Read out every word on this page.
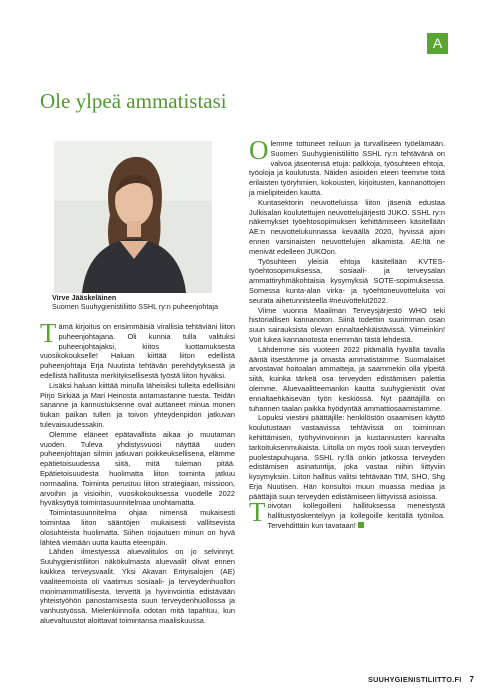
A
Ole ylpeä ammatistasi
Virve Jääskeläinen
Suomen Suuhygienistiliitto SSHL ry:n puheenjohtaja

Tämä kirjoitus on ensimmäisiä virallisia tehtäviäni liiton puheenjohtajana. Oli kunnia tulla valituksi puheenjohtajaksi, kiitos luottamuksesta vuosikokoukselle! Haluan kiittää liiton edellistä puheenjohtaja Erja Nuutista tehtävän perehdytyksestä ja edellistä hallitusta merkityksellisestä työstä liiton hyväksi.

Lisäksi haluan kiittää minulla läheisiksi tulleita edellisiäni Pirjo Sirkiää ja Mari Heinosta antamastanne tuesta. Teidän sananne ja kannustuksenne ovat auttaneet minua monen tiukan paikan tullen ja toivon yhteydenpidon jatkuvan tulevaisuudessakin.

Olemme eläneet epätavallista aikaa jo muutaman vuoden. Tuleva yhdistysvuosi näyttää uuden puheenjohtajan silmin jatkuvan poikkeuksellisena, elämme epätietoisuudessa siitä, mitä tuleman pitää. Epätietoisuudesta huolimatta liiton toiminta jatkuu normaalina. Toiminta perustuu liiton strategiaan, missioon, arvoihin ja visioihin, vuosikokouksessa vuodelle 2022 hyväksyttyä toimintasuunnitelmaa unohtamatta.

Toimintasuunnitelma ohjaa nimensä mukaisesti toimintaa liiton sääntöjen mukaisesti vallitsevista olosuhteista huolimatta. Siihen nojautuen minun on hyvä lähteä viemään uutta kautta eteenpäin.

Lähden ilmestyessä aluevalitulos on jo selvinnyt. Suuhygienistiliiton näkökulmasta aluevaalit olivat ennen kaikkea terveysvaalit. Yksi Akavan Erityisalojen (AE) vaaliteemoista oli vaatimus sosiaali- ja terveydenhuollon monimammatillisesta, tervettä ja hyvinvointia edistävään yhteistyöhön panostamisesta suun terveydenhuollossa ja vanhustyössä. Mielenkiinnolla odotan mitä tapahtuu, kun aluevaltuustot aloittavat toimintansa maaliskuussa.

Olemme tottuneet reiluun ja turvalliseen työelämään. Suomen Suuhygienistiliitto SSHL ry:n tehtävänä on valvoa jäsentensä etuja: palkkoja, työsuhteen ehtoja, työoloja ja koulutusta. Näiden asioiden eteen teemme töitä erilaisten työryhmien, kokousten, kirjoitusten, kannanottojen ja mielipiteiden kautta.

Kuntasektorin neuvotteluissa liiton jäseniä edustaa Julkisalan koulutettujen neuvottelujärjestö JUKO. SSHL ry:n näkemykset työehtosopimuksen kehittämiseen käsitellään AE:n neuvottelukunnassa keväällä 2020, hyvissä ajoin ennen varsinaisten neuvottelujen alkamista. AE:ltä ne menivät edelleen JUKOon.

Työsuhteen yleisiä ehtoja käsitellään KVTES-työehtosopimuksessa, sosiaali- ja terveysalan ammattiryhmäkohtaisia kysymyksiä SOTE-sopimuksessa. Somessa kunta-alan virka- ja työehtoneuvotteluita voi seurata aihetunnisteella #neuvottelut2022.

Viime vuonna Maailman Terveysjärjestö WHO teki historiallisen kannanoton. Siinä todettiin suurimman osan suun sairauksista olevan ennaltaehkäistävissä. Viimeinkin! Voit lukea kannanotosta enemmän tästä lehdestä.

Lähdemme siis vuoteen 2022 pitämällä hyvällä tavalla ääntä itsestämme ja omasta ammatistamme. Suomalaiset arvostavat hoitoalan ammatteja, ja saammekin olla ylpeitä siitä, kuinka tärkeä osa terveyden edistämisen palettia olemme. Aluevaalitteemankin kautta suuhygienistit ovat ennaltaehkäisevän työn keskiössä. Nyt päättäjillä on tuhannen taalan paikka hyödyntää ammattiosaamistamme.

Lopuksi viestini päättäjille: henkilöstön osaamisen käyttö koulutustaan vastaavissa tehtävissä on toiminnan kehittämisen, työhyvinvoinnin ja kustannusten kannalta tarkoituksenmukaista. Liitolla on myös rooli suun terveyden puolestapuhujana. SSHL ry:llä onkin jatkossa terveyden edistämisen asinatuntija, joka vastaa niihin liittyviin kysymyksiin. Liiton hallitus valitsi tehtävään TtM, SHO, Shg Erja Nuutisen. Hän konsultoi muun muassa mediaa ja päättäjiä suun terveyden edistämiseen liittyvissä asioissa.

Toivotan kollegoilleni hallituksessa menestystä hallitustyöskentelyyn ja kollegoille kentällä työniloa. Tervehdittäin kun tavataan!

SUUHYGIENISTILIITTO.FI 7
